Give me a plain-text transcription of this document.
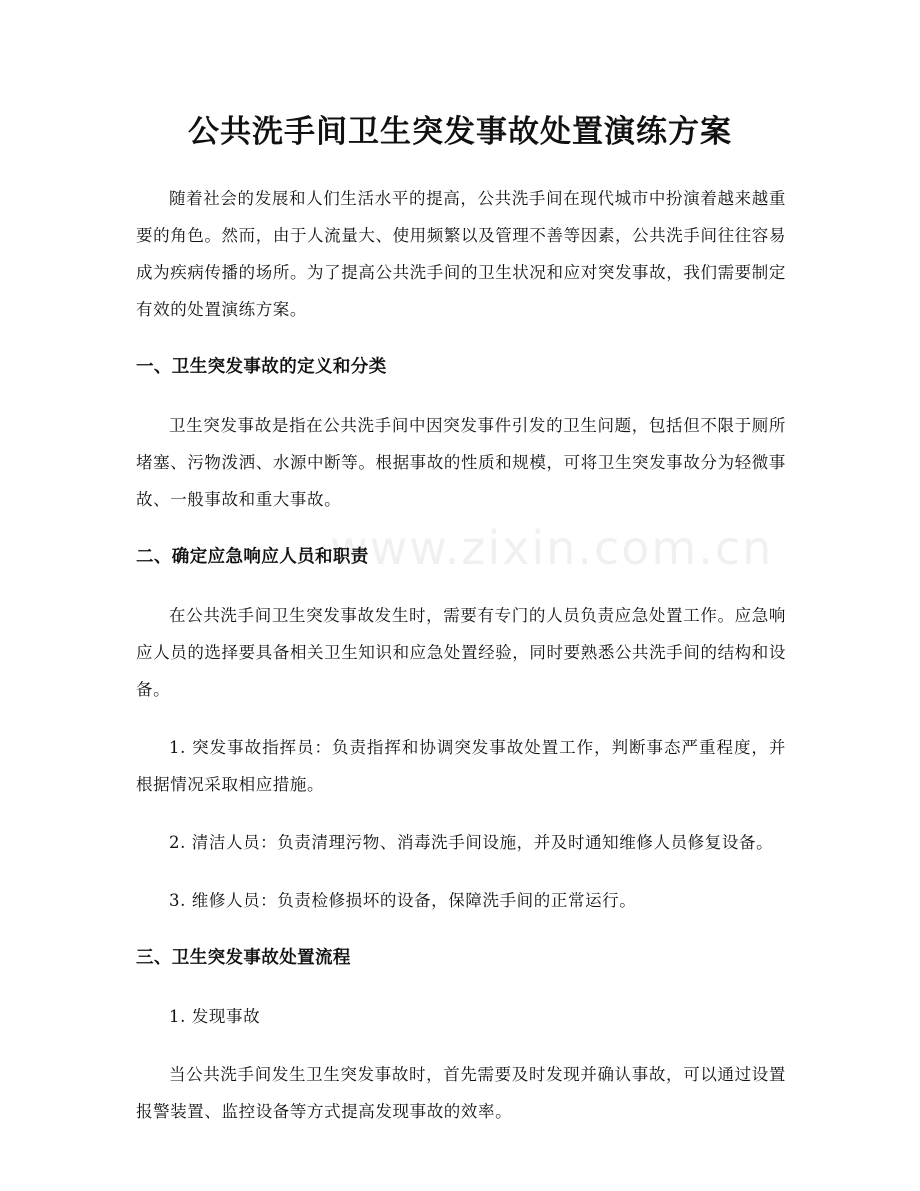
公共洗手间卫生突发事故处置演练方案
www.zixin.com.cn

随着社会的发展和人们生活水平的提高，公共洗手间在现代城市中扮演着越来越重要的角色。然而，由于人流量大、使用频繁以及管理不善等因素，公共洗手间往往容易成为疾病传播的场所。为了提高公共洗手间的卫生状况和应对突发事故，我们需要制定有效的处置演练方案。

一、卫生突发事故的定义和分类

卫生突发事故是指在公共洗手间中因突发事件引发的卫生问题，包括但不限于厕所堵塞、污物泼洒、水源中断等。根据事故的性质和规模，可将卫生突发事故分为轻微事故、一般事故和重大事故。

二、确定应急响应人员和职责

在公共洗手间卫生突发事故发生时，需要有专门的人员负责应急处置工作。应急响应人员的选择要具备相关卫生知识和应急处置经验，同时要熟悉公共洗手间的结构和设备。

1. 突发事故指挥员：负责指挥和协调突发事故处置工作，判断事态严重程度，并根据情况采取相应措施。

2. 清洁人员：负责清理污物、消毒洗手间设施，并及时通知维修人员修复设备。

3. 维修人员：负责检修损坏的设备，保障洗手间的正常运行。

三、卫生突发事故处置流程

1. 发现事故

当公共洗手间发生卫生突发事故时，首先需要及时发现并确认事故，可以通过设置报警装置、监控设备等方式提高发现事故的效率。
